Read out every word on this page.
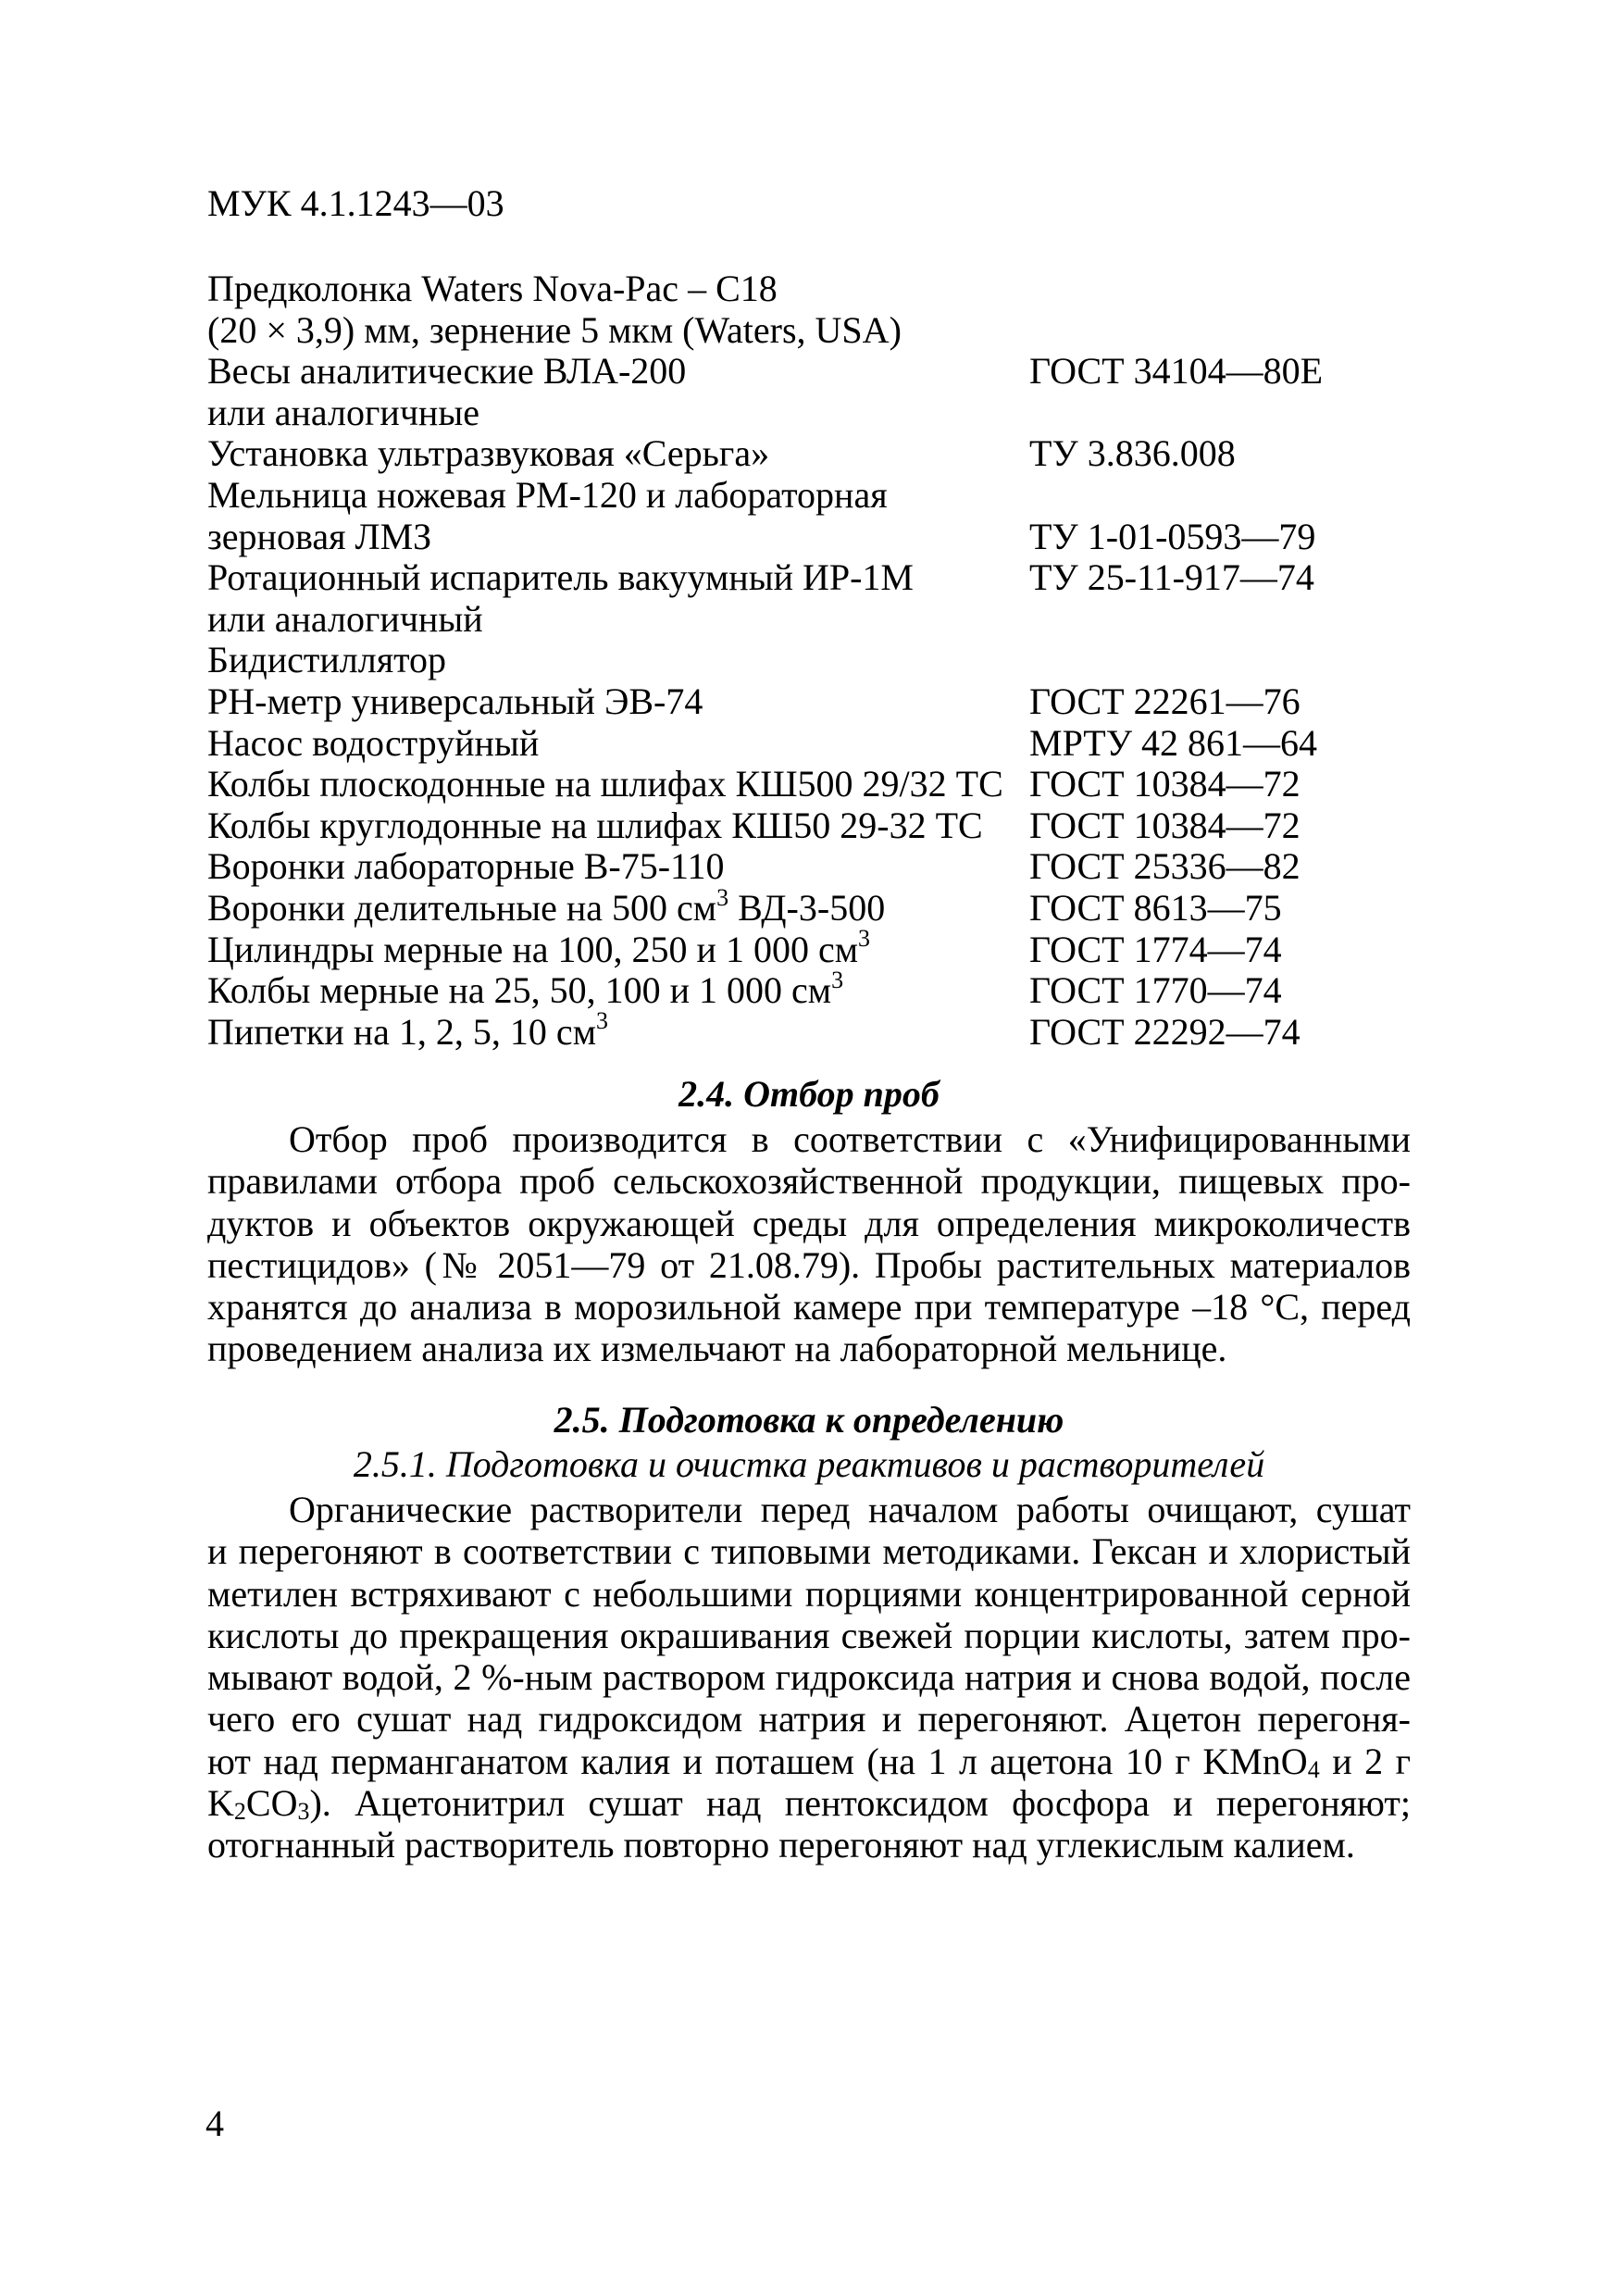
МУК 4.1.1243—03
Предколонка Waters Nova-Pac – C18
(20 × 3,9) мм, зернение 5 мкм (Waters, USA)
Весы аналитические ВЛА-200	ГОСТ 34104—80Е
или аналогичные
Установка ультразвуковая «Серьга»	ТУ 3.836.008
Мельница ножевая РМ-120 и лабораторная
зерновая ЛМЗ	ТУ 1-01-0593—79
Ротационный испаритель вакуумный ИР-1М	ТУ 25-11-917—74
или аналогичный
Бидистиллятор
РН-метр универсальный ЭВ-74	ГОСТ 22261—76
Насос водоструйный	МРТУ 42 861—64
Колбы плоскодонные на шлифах КШ500 29/32 ТС ГОСТ 10384—72
Колбы круглодонные на шлифах КШ50 29-32 ТС ГОСТ 10384—72
Воронки лабораторные В-75-110	ГОСТ 25336—82
Воронки делительные на 500 $см^3$ ВД-3-500	ГОСТ 8613—75
Цилиндры мерные на 100, 250 и 1 000 $см^3$	ГОСТ 1774—74
Колбы мерные на 25, 50, 100 и 1 000 $см^3$	ГОСТ 1770—74
Пипетки на 1, 2, 5, 10 $см^3$	ГОСТ 22292—74
2.4. Отбор проб
Отбор проб производится в соответствии с «Унифицированными
правилами отбора проб сельскохозяйственной продукции, пищевых про-
дуктов и объектов окружающей среды для определения микроколичеств
пестицидов» (№ 2051—79 от 21.08.79). Пробы растительных материалов
хранятся до анализа в морозильной камере при температуре –18 °С, перед
проведением анализа их измельчают на лабораторной мельнице.
2.5. Подготовка к определению
2.5.1. Подготовка и очистка реактивов и растворителей
Органические растворители перед началом работы очищают, сушат
и перегоняют в соответствии с типовыми методиками. Гексан и хлористый
метилен встряхивают с небольшими порциями концентрированной серной
кислоты до прекращения окрашивания свежей порции кислоты, затем про-
мывают водой, 2 %-ным раствором гидроксида натрия и снова водой, после
чего его сушат над гидроксидом натрия и перегоняют. Ацетон перегоня-
ют над перманганатом калия и поташем (на 1 л ацетона 10 г KMnO$_4$ и 2 г
$K_2CO_3$). Ацетонитрил сушат над пентоксидом фосфора и перегоняют;
отогнанный растворитель повторно перегоняют над углекислым калием.
4
